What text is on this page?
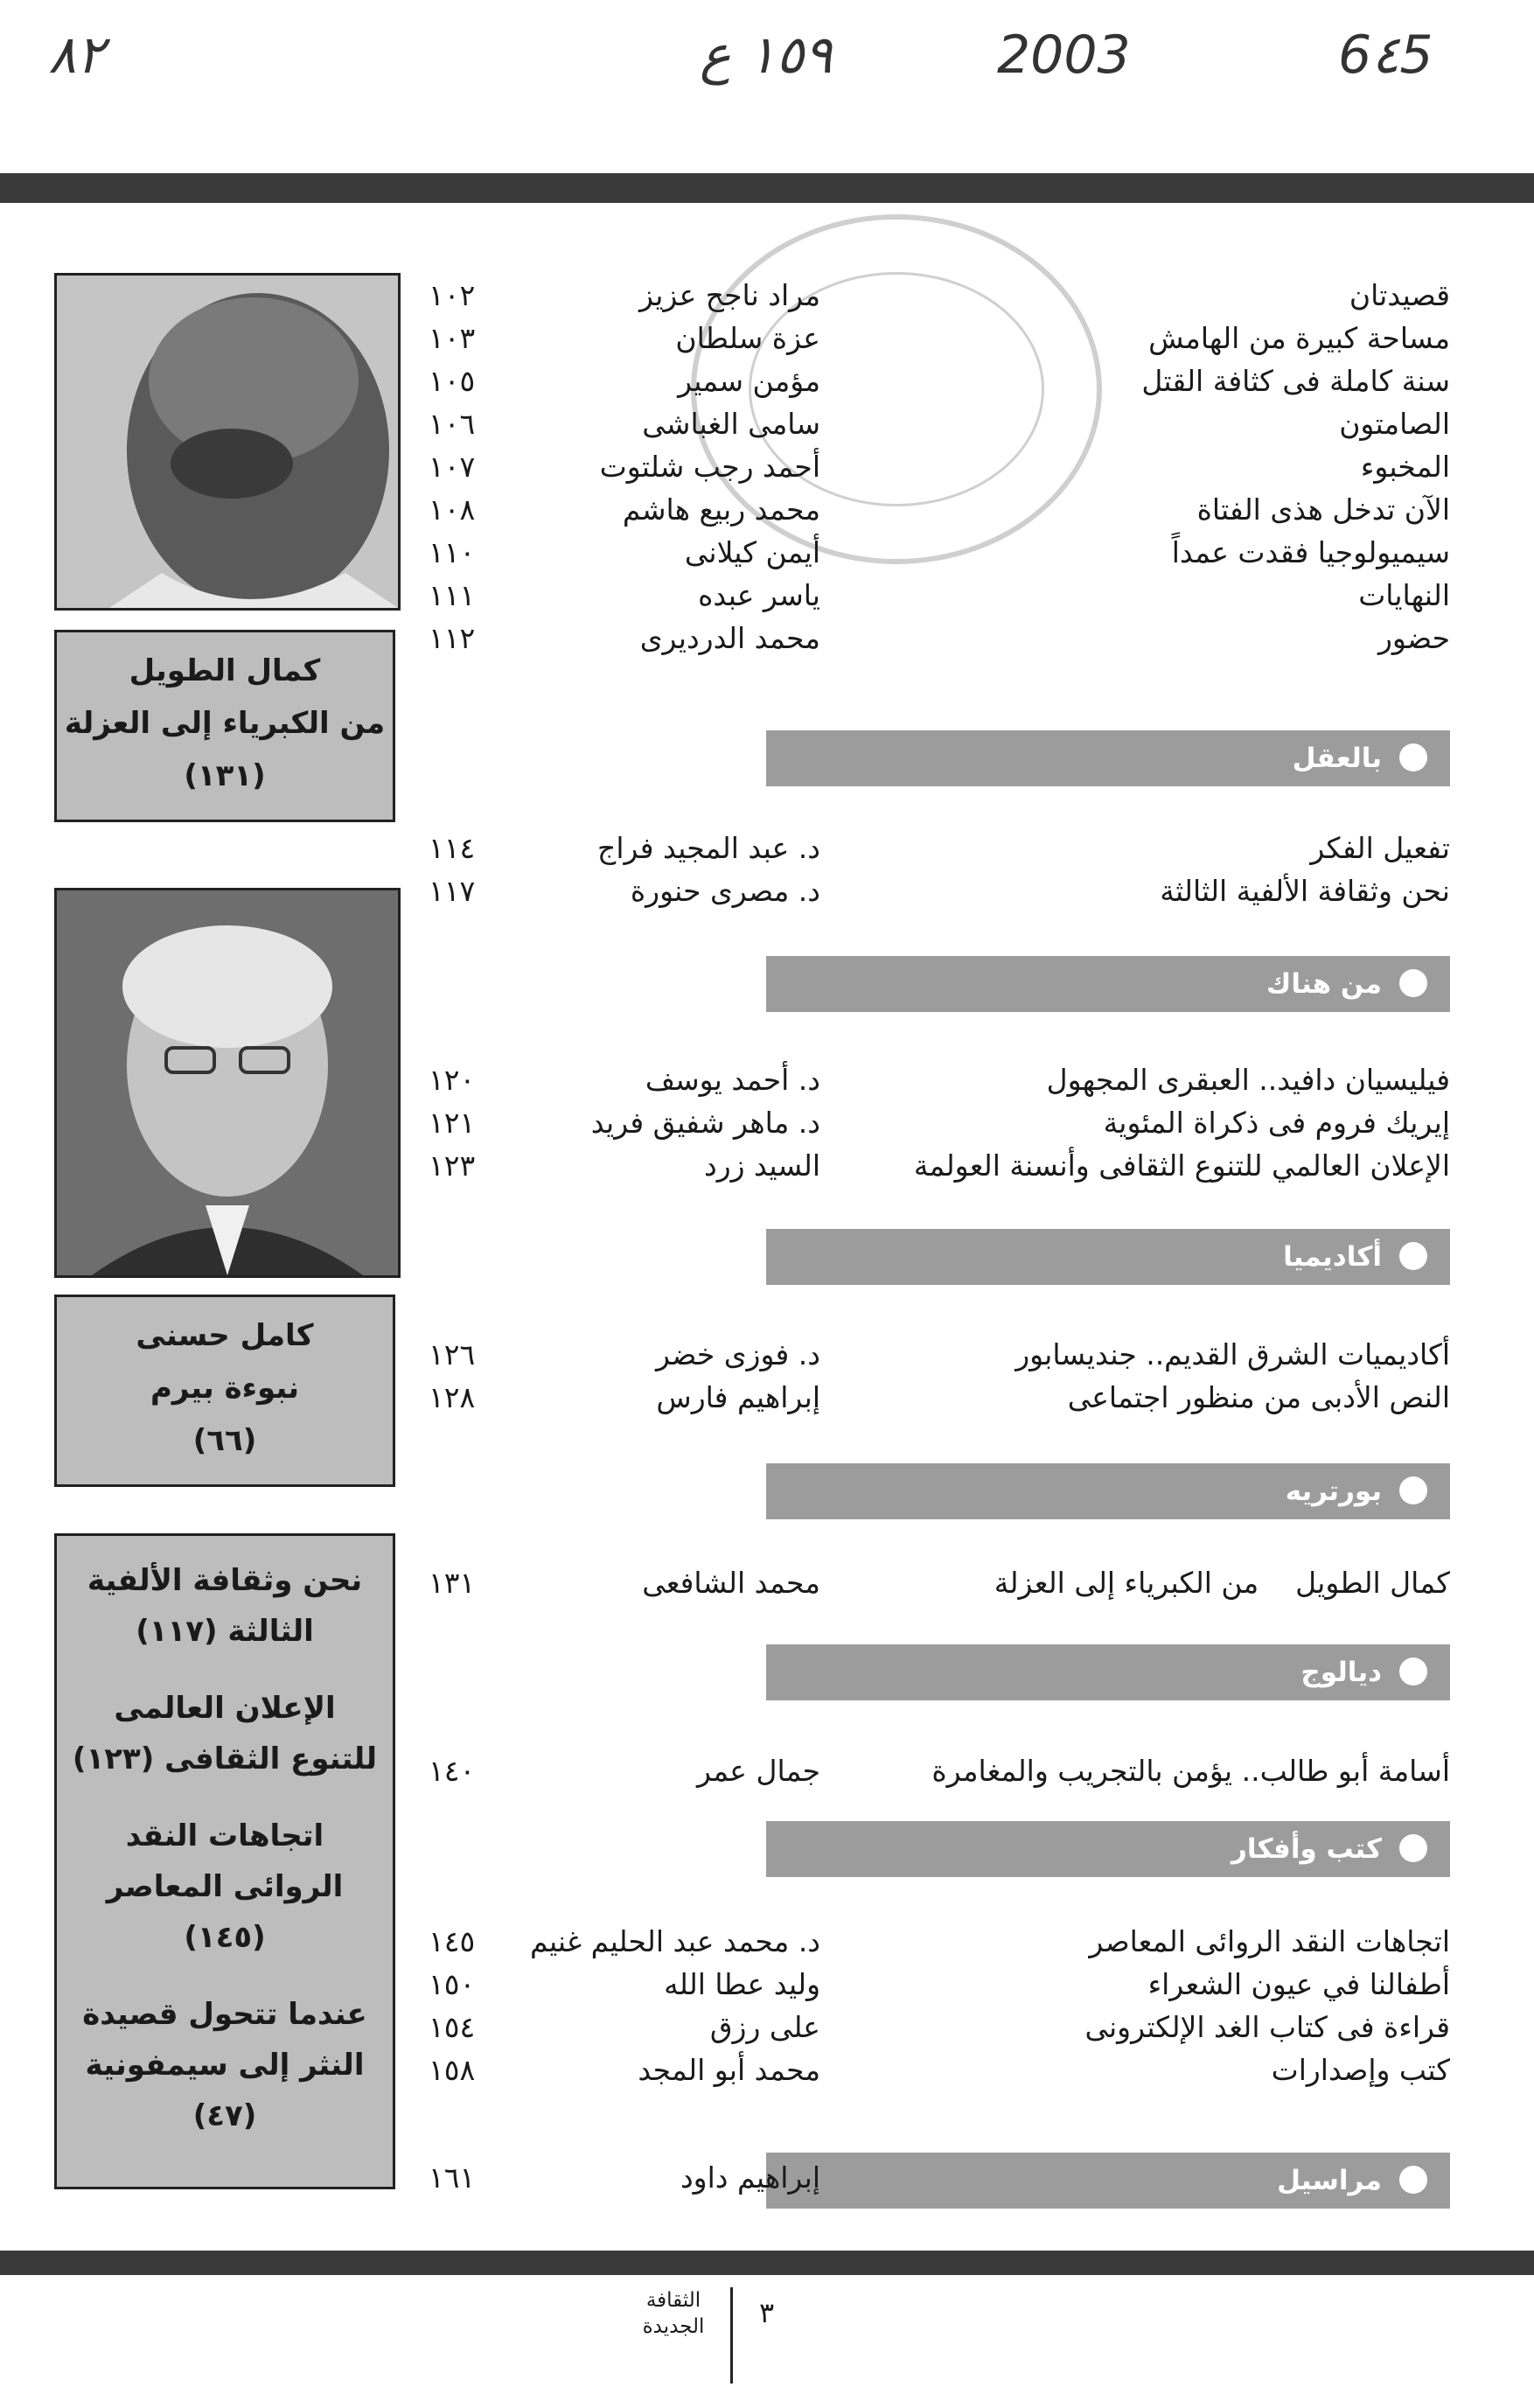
٨٢	١٥٩ ع	2003	6٤5
كمال الطويل
من الكبرياء إلى العزلة
(١٣١)
كامل حسنى
نبوءة بيرم
(٦٦)
نحن وثقافة الألفية
الثالثة (١١٧)
الإعلان العالمى
للتنوع الثقافى (١٢٣)
اتجاهات النقد
الروائى المعاصر
(١٤٥)
عندما تتحول قصيدة
النثر إلى سيمفونية
(٤٧)
قصيدتان
مراد ناجح عزيز
١٠٢
مساحة كبيرة من الهامش
عزة سلطان
١٠٣
سنة كاملة فى كثافة القتل
مؤمن سمير
١٠٥
الصامتون
سامى الغباشى
١٠٦
المخبوء
أحمد رجب شلتوت
١٠٧
الآن تدخل هذى الفتاة
محمد ربيع هاشم
١٠٨
سيميولوجيا فقدت عمداً
أيمن كيلانى
١١٠
النهايات
ياسر عبده
١١١
حضور
محمد الدرديرى
١١٢
بالعقل
تفعيل الفكر
د. عبد المجيد فراج
١١٤
نحن وثقافة الألفية الثالثة
د. مصرى حنورة
١١٧
من هناك
فيليسيان دافيد.. العبقرى المجهول
د. أحمد يوسف
١٢٠
إيريك فروم فى ذكراة المئوية
د. ماهر شفيق فريد
١٢١
الإعلان العالمي للتنوع الثقافى وأنسنة العولمة
السيد زرد
١٢٣
أكاديميا
أكاديميات الشرق القديم.. جنديسابور
د. فوزى خضر
١٢٦
النص الأدبى من منظور اجتماعى
إبراهيم فارس
١٢٨
بورتريه
كمال الطويل    من الكبرياء إلى العزلة
محمد الشافعى
١٣١
ديالوج
أسامة أبو طالب.. يؤمن بالتجريب والمغامرة
جمال عمر
١٤٠
كتب وأفكار
اتجاهات النقد الروائى المعاصر
د. محمد عبد الحليم غنيم
١٤٥
أطفالنا في عيون الشعراء
وليد عطا الله
١٥٠
قراءة فى كتاب الغد الإلكترونى
على رزق
١٥٤
كتب وإصدارات
محمد أبو المجد
١٥٨
مراسيل
إبراهيم داود
١٦١
٣
الثقافة
الجديدة
